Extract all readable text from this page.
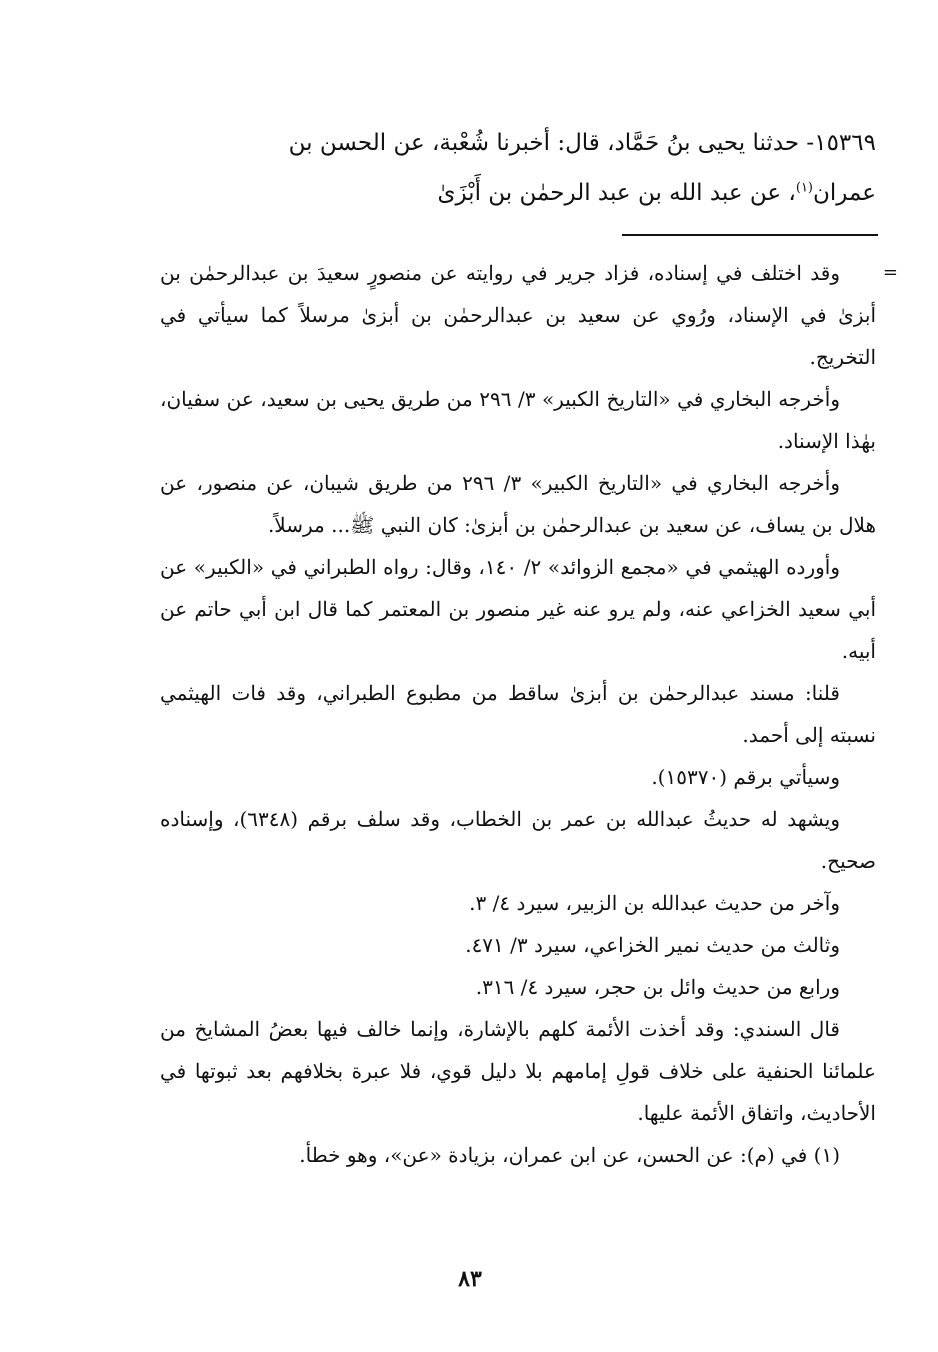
١٥٣٦٩- حدثنا يحيى بنُ حَمَّاد، قال: أخبرنا شُعْبة، عن الحسن بن

عمران$^{(١)}$، عن عبد الله بن عبد الرحمٰن بن أَبْزَىٰ

=

وقد اختلف في إسناده، فزاد جرير في روايته عن منصورٍ سعيدَ بن عبدالرحمٰن بن أبزىٰ في الإسناد، ورُوي عن سعيد بن عبدالرحمٰن بن أبزىٰ مرسلاً كما سيأتي في التخريج.

وأخرجه البخاري في «التاريخ الكبير» ٣/ ٢٩٦ من طريق يحيى بن سعيد، عن سفيان، بهٰذا الإسناد.

وأخرجه البخاري في «التاريخ الكبير» ٣/ ٢٩٦ من طريق شيبان، عن منصور، عن هلال بن يساف، عن سعيد بن عبدالرحمٰن بن أبزىٰ: كان النبي ﷺ... مرسلاً.

وأورده الهيثمي في «مجمع الزوائد» ٢/ ١٤٠، وقال: رواه الطبراني في «الكبير» عن أبي سعيد الخزاعي عنه، ولم يرو عنه غير منصور بن المعتمر كما قال ابن أبي حاتم عن أبيه.

قلنا: مسند عبدالرحمٰن بن أبزىٰ ساقط من مطبوع الطبراني، وقد فات الهيثمي نسبته إلى أحمد.

وسيأتي برقم (١٥٣٧٠).

ويشهد له حديثُ عبدالله بن عمر بن الخطاب، وقد سلف برقم (٦٣٤٨)، وإسناده صحيح.

وآخر من حديث عبدالله بن الزبير، سيرد ٤/ ٣.

وثالث من حديث نمير الخزاعي، سيرد ٣/ ٤٧١.

ورابع من حديث وائل بن حجر، سيرد ٤/ ٣١٦.

قال السندي: وقد أخذت الأئمة كلهم بالإشارة، وإنما خالف فيها بعضُ المشايخ من علمائنا الحنفية على خلاف قولِ إمامهم بلا دليل قوي، فلا عبرة بخلافهم بعد ثبوتها في الأحاديث، واتفاق الأئمة عليها.

(١) في (م): عن الحسن، عن ابن عمران، بزيادة «عن»، وهو خطأ.

٨٣
